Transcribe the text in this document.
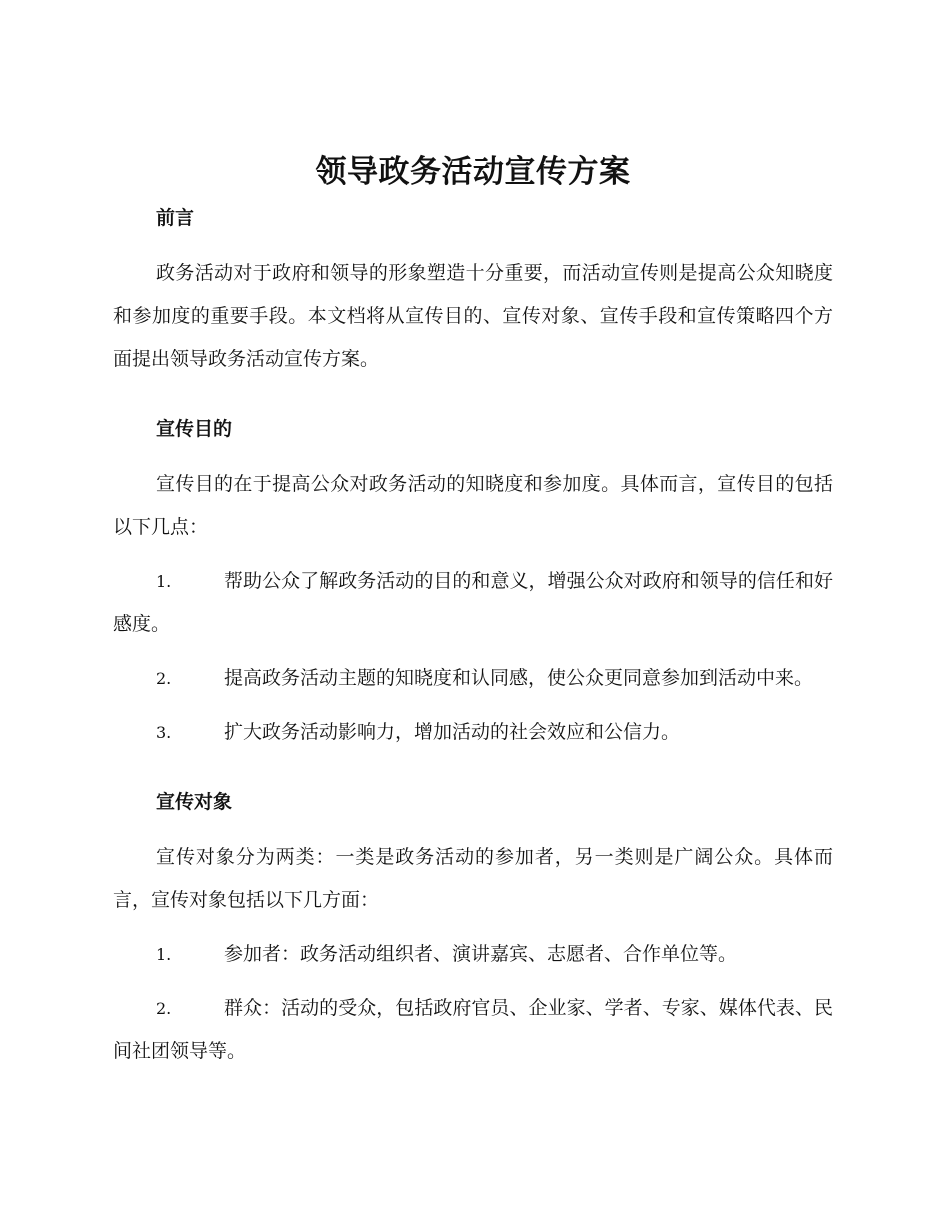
领导政务活动宣传方案
前言

政务活动对于政府和领导的形象塑造十分重要，而活动宣传则是提高公众知晓度和参加度的重要手段。本文档将从宣传目的、宣传对象、宣传手段和宣传策略四个方面提出领导政务活动宣传方案。

宣传目的

宣传目的在于提高公众对政务活动的知晓度和参加度。具体而言，宣传目的包括以下几点：

1.	帮助公众了解政务活动的目的和意义，增强公众对政府和领导的信任和好感度。

2.	提高政务活动主题的知晓度和认同感，使公众更同意参加到活动中来。

3.	扩大政务活动影响力，增加活动的社会效应和公信力。

宣传对象

宣传对象分为两类：一类是政务活动的参加者，另一类则是广阔公众。具体而言，宣传对象包括以下几方面：

1.	参加者：政务活动组织者、演讲嘉宾、志愿者、合作单位等。

2.	群众：活动的受众，包括政府官员、企业家、学者、专家、媒体代表、民间社团领导等。
